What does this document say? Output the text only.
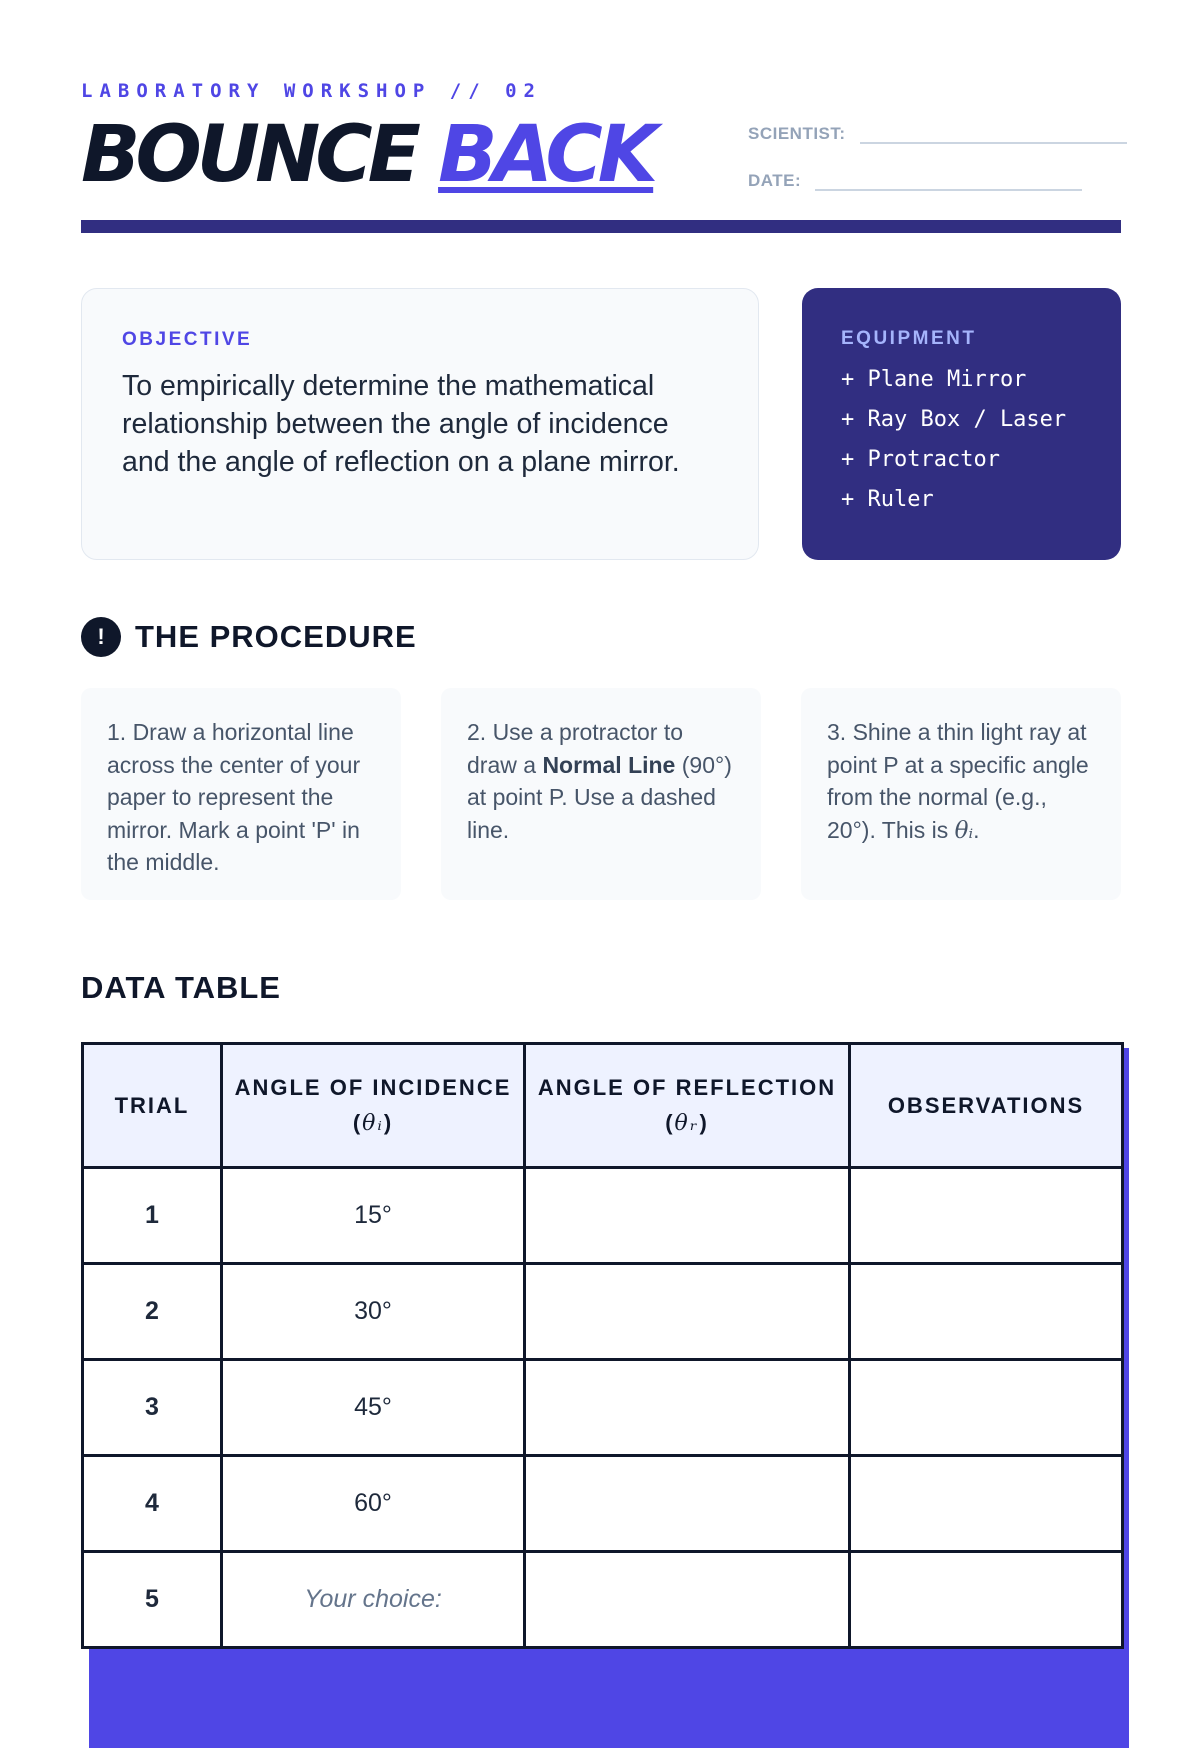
LABORATORY WORKSHOP // 02
BOUNCE BACK	SCIENTIST:
DATE:
OBJECTIVE
To empirically determine the mathematical relationship between the angle of incidence and the angle of reflection on a plane mirror.
EQUIPMENT
+ Plane Mirror
+ Ray Box / Laser
+ Protractor
+ Ruler
! THE PROCEDURE
1. Draw a horizontal line across the center of your paper to represent the mirror. Mark a point 'P' in the middle.
2. Use a protractor to draw a Normal Line (90°) at point P. Use a dashed line.
3. Shine a thin light ray at point P at a specific angle from the normal (e.g., 20°). This is θᵢ.
DATA TABLE
TRIAL	ANGLE OF INCIDENCE (θᵢ)	ANGLE OF REFLECTION (θᵣ)	OBSERVATIONS
1	15°		
2	30°		
3	45°		
4	60°		
5	Your choice:		
